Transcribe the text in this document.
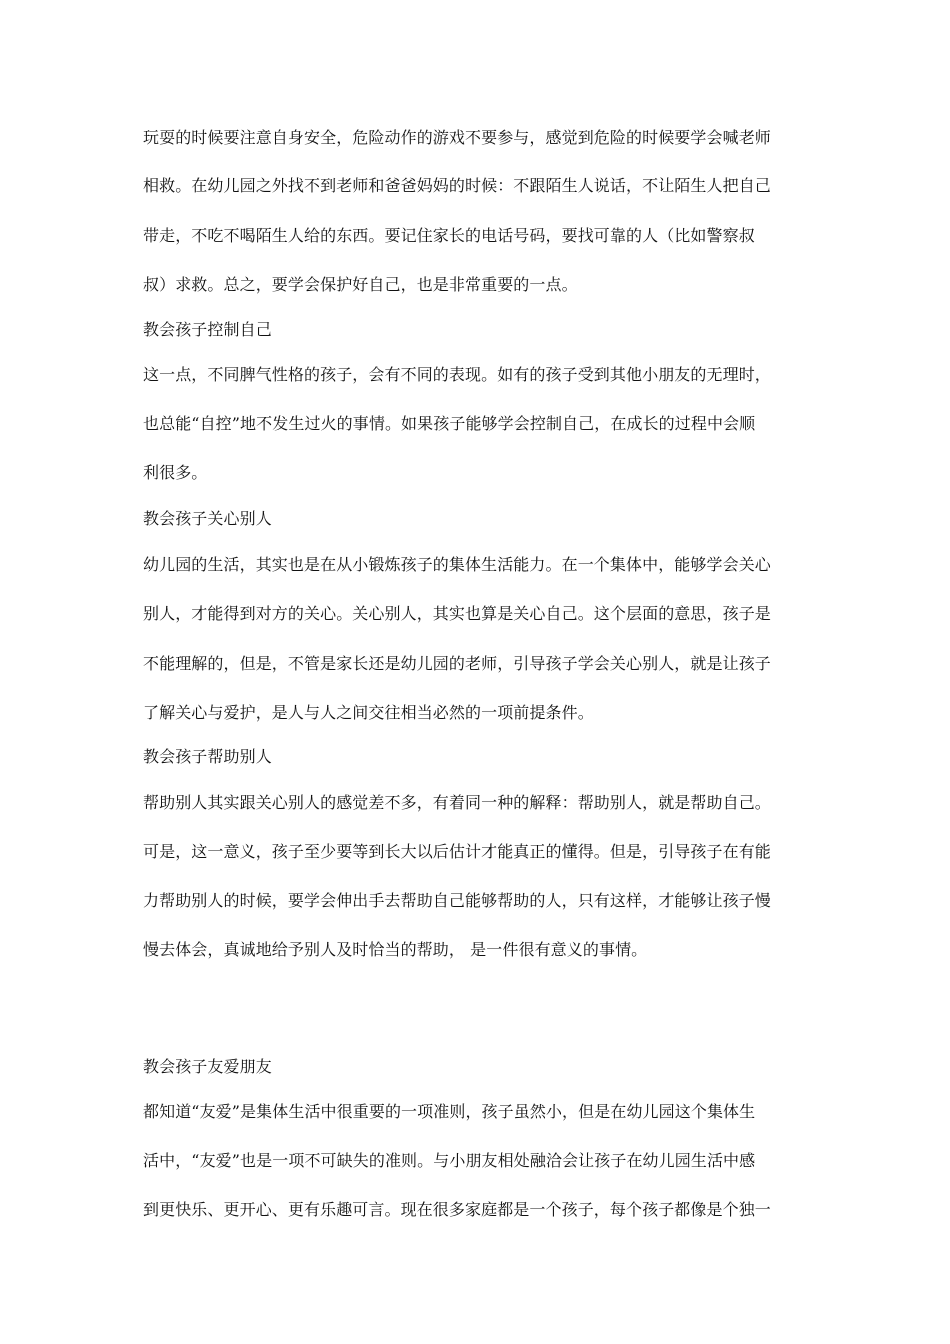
玩耍的时候要注意自身安全，危险动作的游戏不要参与，感觉到危险的时候要学会喊老师
相救。在幼儿园之外找不到老师和爸爸妈妈的时候：不跟陌生人说话，不让陌生人把自己
带走，不吃不喝陌生人给的东西。要记住家长的电话号码，要找可靠的人（比如警察叔
叔）求救。总之，要学会保护好自己，也是非常重要的一点。
教会孩子控制自己
这一点，不同脾气性格的孩子，会有不同的表现。如有的孩子受到其他小朋友的无理时，
也总能“自控”地不发生过火的事情。如果孩子能够学会控制自己，在成长的过程中会顺
利很多。
教会孩子关心别人
幼儿园的生活，其实也是在从小锻炼孩子的集体生活能力。在一个集体中，能够学会关心
别人，才能得到对方的关心。关心别人，其实也算是关心自己。这个层面的意思，孩子是
不能理解的，但是，不管是家长还是幼儿园的老师，引导孩子学会关心别人，就是让孩子
了解关心与爱护，是人与人之间交往相当必然的一项前提条件。
教会孩子帮助别人
帮助别人其实跟关心别人的感觉差不多，有着同一种的解释：帮助别人，就是帮助自己。
可是，这一意义，孩子至少要等到长大以后估计才能真正的懂得。但是，引导孩子在有能
力帮助别人的时候，要学会伸出手去帮助自己能够帮助的人，只有这样，才能够让孩子慢
慢去体会，真诚地给予别人及时恰当的帮助， 是一件很有意义的事情。
教会孩子友爱朋友
都知道“友爱”是集体生活中很重要的一项准则，孩子虽然小，但是在幼儿园这个集体生
活中，“友爱”也是一项不可缺失的准则。与小朋友相处融洽会让孩子在幼儿园生活中感
到更快乐、更开心、更有乐趣可言。现在很多家庭都是一个孩子，每个孩子都像是个独一
